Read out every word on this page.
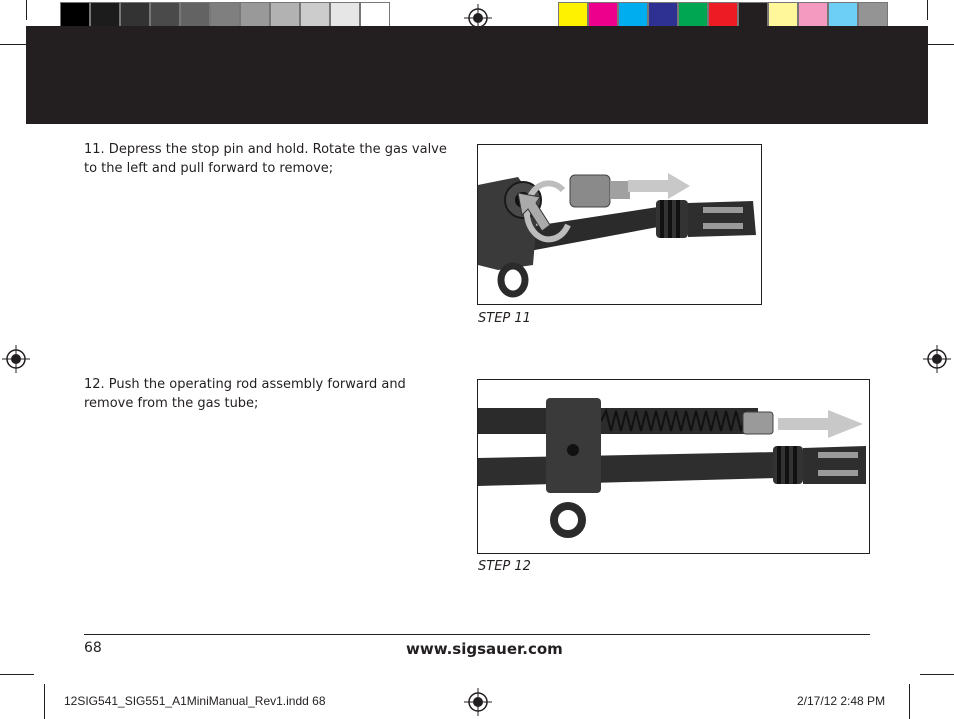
11. Depress the stop pin and hold. Rotate the gas valve to the left and pull forward to remove;
STEP 11
12. Push the operating rod assembly forward and remove from the gas tube;
STEP 12
68	www.sigsauer.com
12SIG541_SIG551_A1MiniManual_Rev1.indd 68	2/17/12 2:48 PM
